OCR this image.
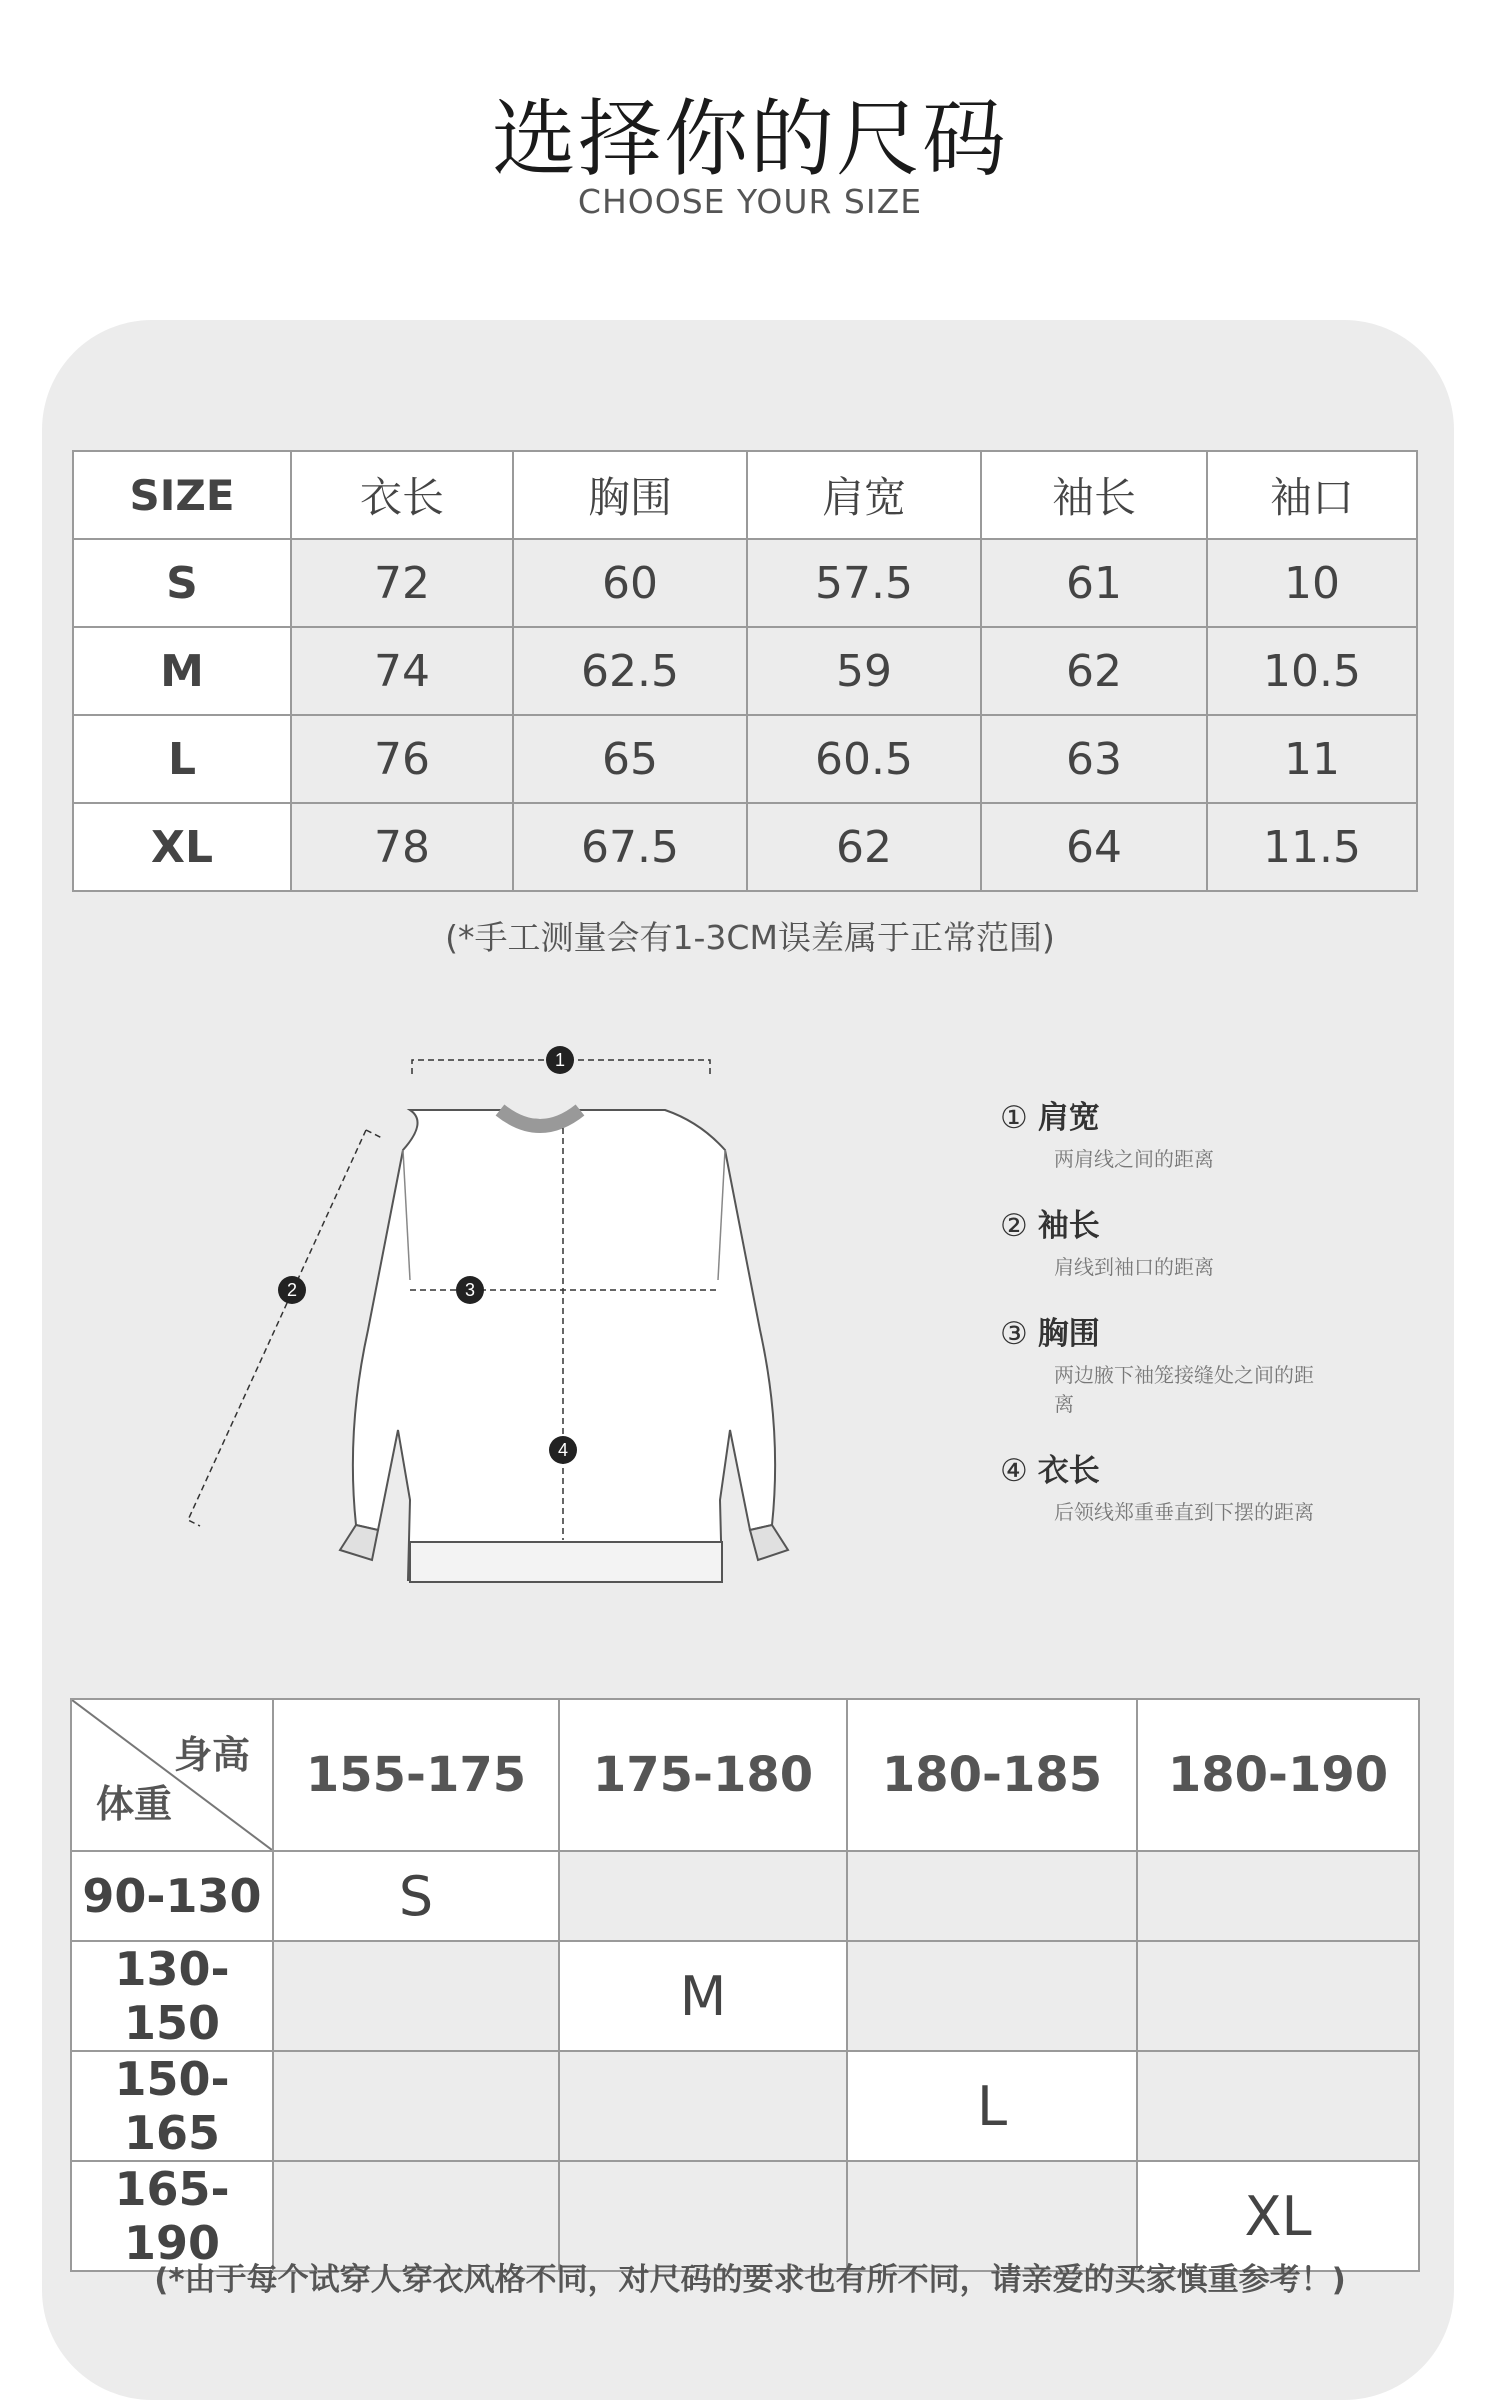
选择你的尺码
CHOOSE YOUR SIZE
SIZE	衣长	胸围	肩宽	袖长	袖口
S	72	60	57.5	61	10
M	74	62.5	59	62	10.5
L	76	65	60.5	63	11
XL	78	67.5	62	64	11.5
(*手工测量会有1-3CM误差属于正常范围)
1
2	3
4
① 肩宽
两肩线之间的距离
② 袖长
肩线到袖口的距离
③ 胸围
两边腋下袖笼接缝处之间的距离
④ 衣长
后领线郑重垂直到下摆的距离
身高
体重	155-175	175-180	180-185	180-190
90-130	S			
130-150		M		
150-165			L	
165-190				XL
(*由于每个试穿人穿衣风格不同，对尺码的要求也有所不同，请亲爱的买家慎重参考！)
